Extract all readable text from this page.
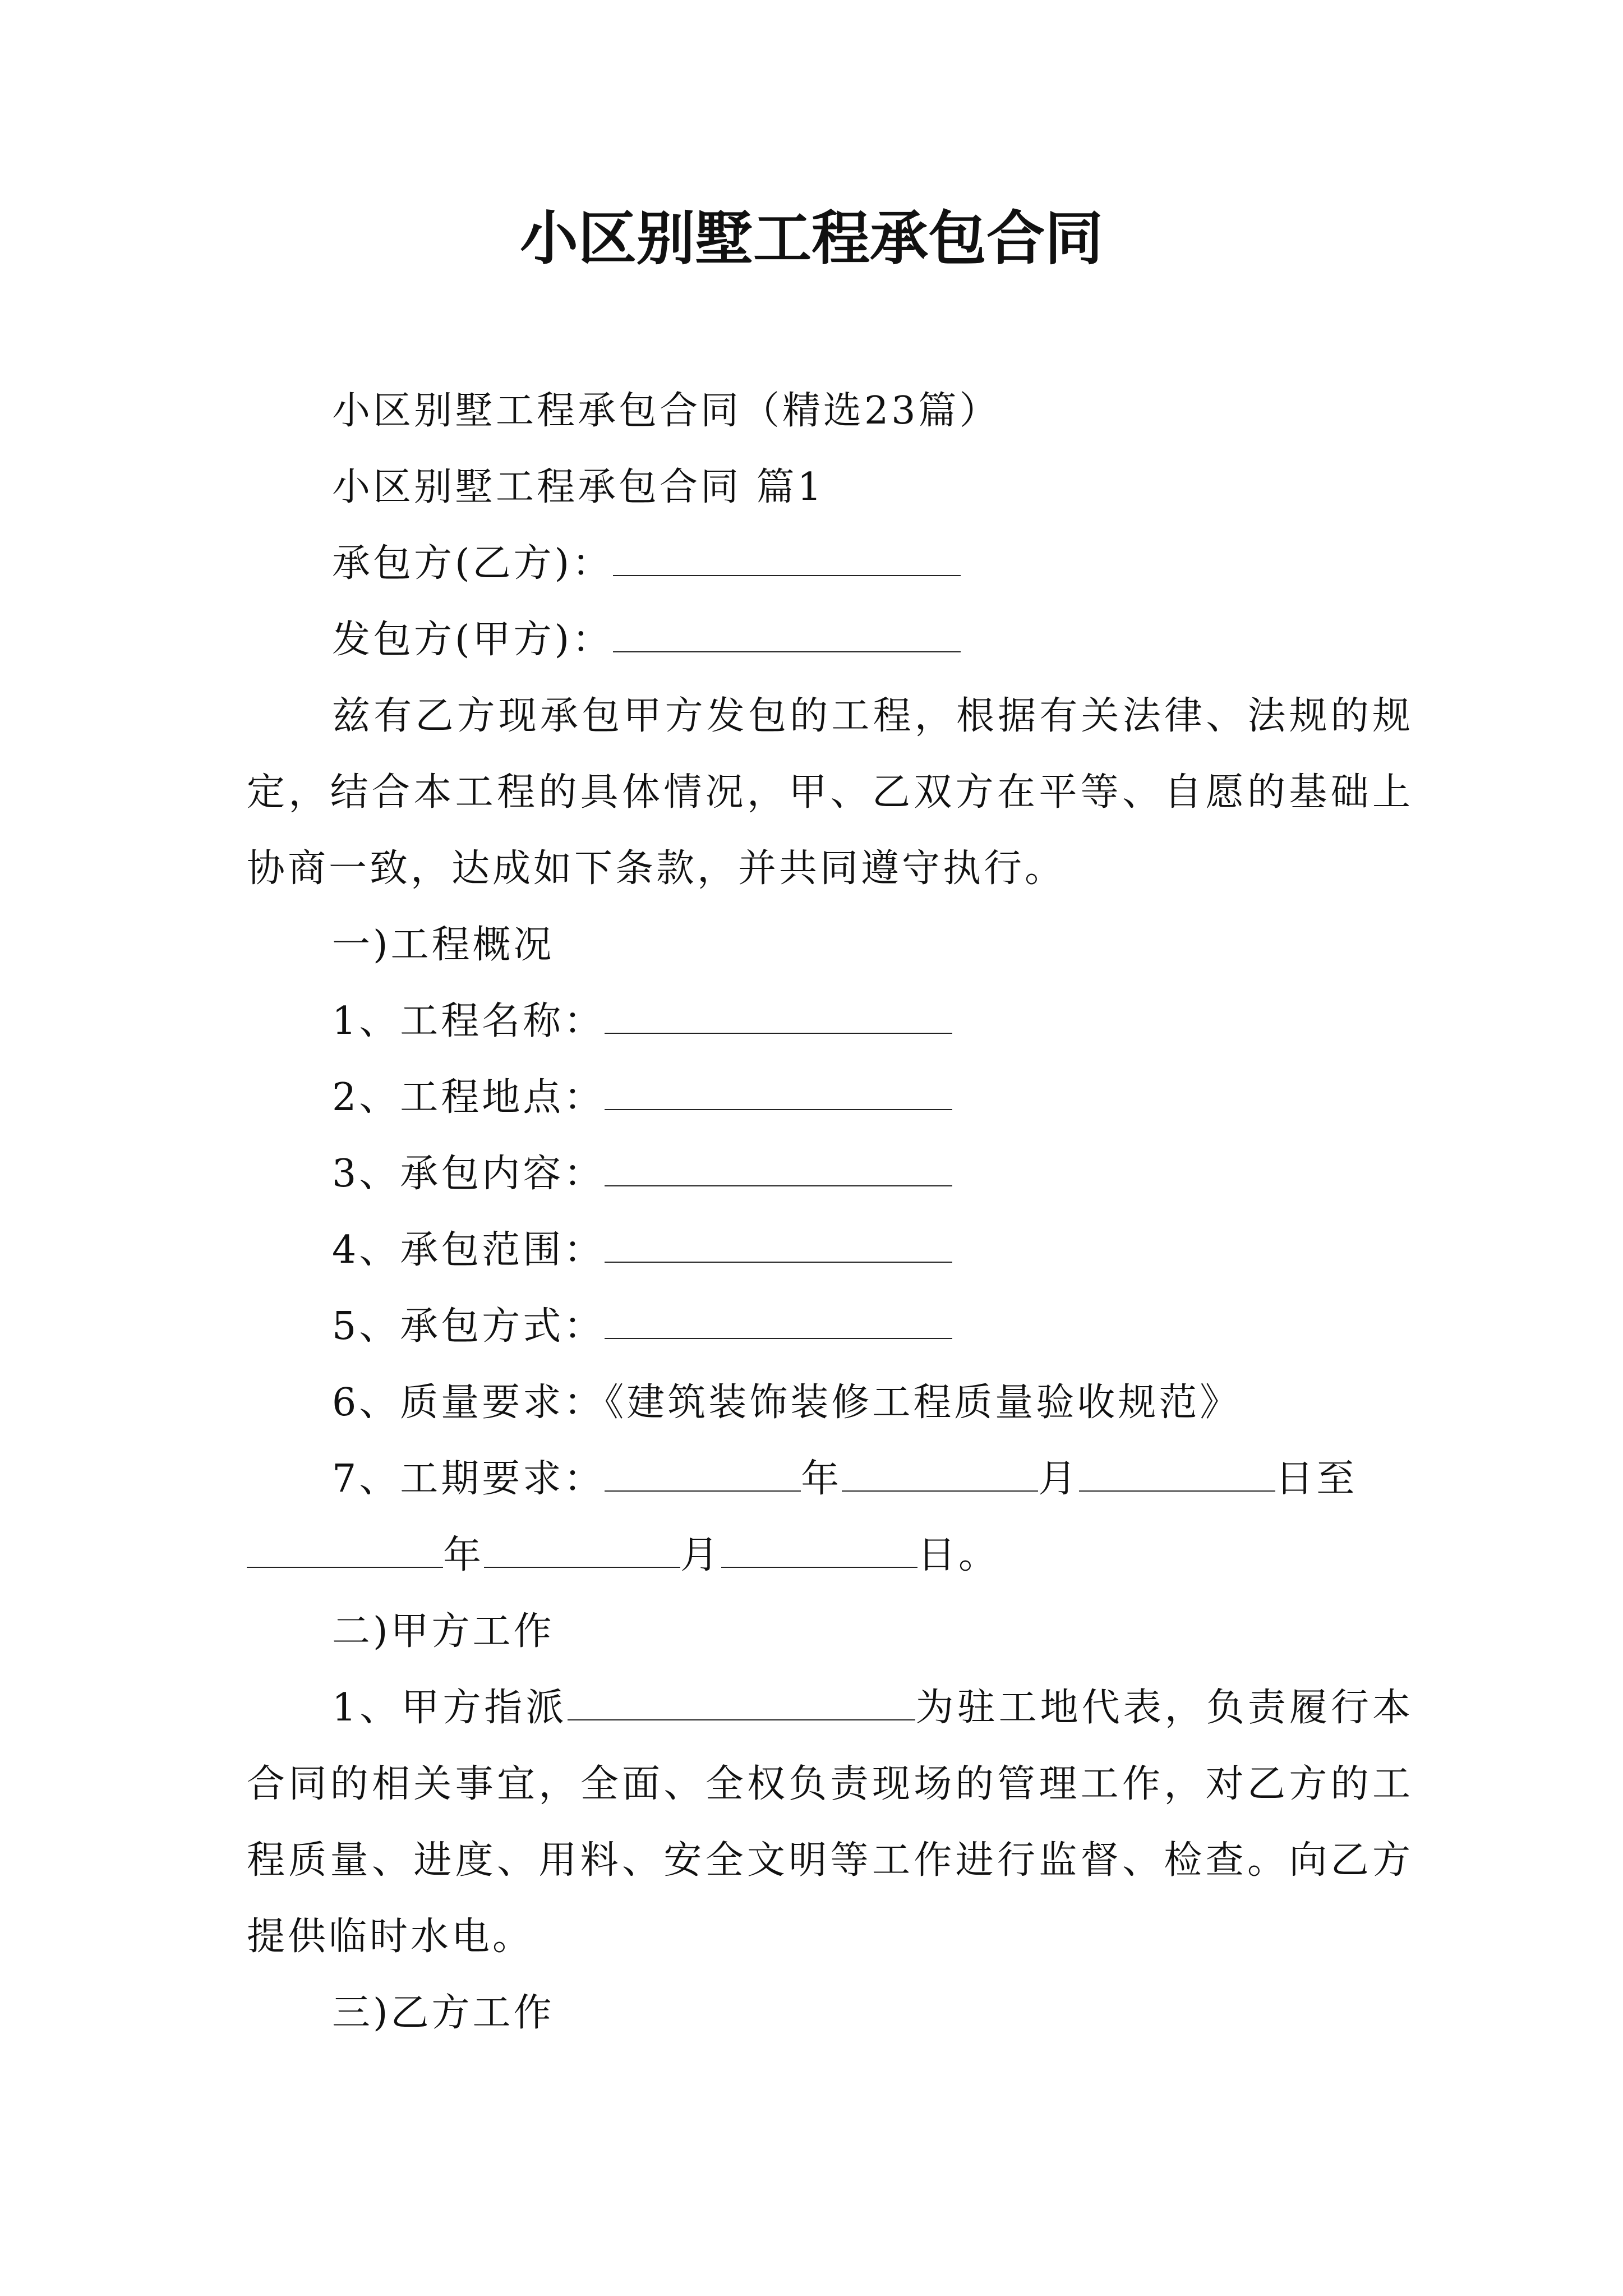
小区别墅工程承包合同

小区别墅工程承包合同（精选23篇）

小区别墅工程承包合同 篇1

承包方(乙方)：

发包方(甲方)：

兹有乙方现承包甲方发包的工程，根据有关法律、法规的规定，结合本工程的具体情况，甲、乙双方在平等、自愿的基础上协商一致，达成如下条款，并共同遵守执行。

一)工程概况

1、工程名称：

2、工程地点：

3、承包内容：

4、承包范围：

5、承包方式：

6、质量要求：《建筑装饰装修工程质量验收规范》

7、工期要求：	年	月	日至

年	月	日。

二)甲方工作

1、甲方指派	为驻工地代表，负责履行本合同的相关事宜，全面、全权负责现场的管理工作，对乙方的工程质量、进度、用料、安全文明等工作进行监督、检查。向乙方提供临时水电。

三)乙方工作
